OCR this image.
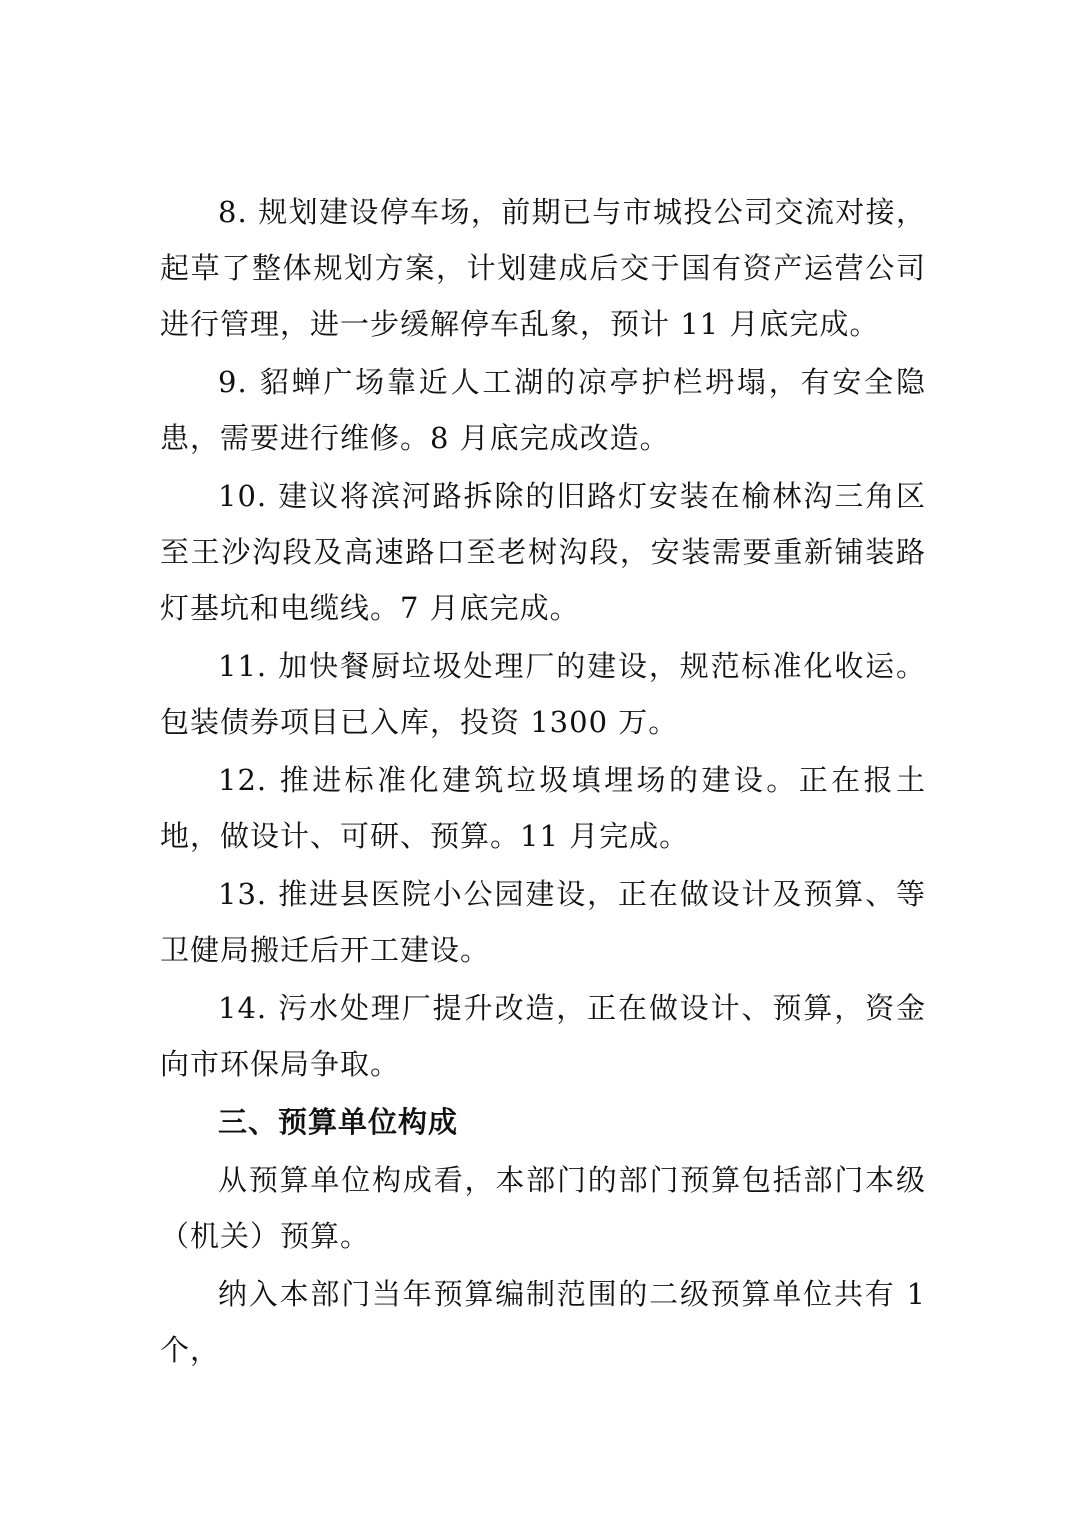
8. 规划建设停车场，前期已与市城投公司交流对接，起草了整体规划方案，计划建成后交于国有资产运营公司进行管理，进一步缓解停车乱象，预计 11 月底完成。

9. 貂蝉广场靠近人工湖的凉亭护栏坍塌，有安全隐患，需要进行维修。8 月底完成改造。

10. 建议将滨河路拆除的旧路灯安装在榆林沟三角区至王沙沟段及高速路口至老树沟段，安装需要重新铺装路灯基坑和电缆线。7 月底完成。

11. 加快餐厨垃圾处理厂的建设，规范标准化收运。包装债券项目已入库，投资 1300 万。

12. 推进标准化建筑垃圾填埋场的建设。正在报土地，做设计、可研、预算。11 月完成。

13. 推进县医院小公园建设，正在做设计及预算、等卫健局搬迁后开工建设。

14. 污水处理厂提升改造，正在做设计、预算，资金向市环保局争取。

三、预算单位构成

从预算单位构成看，本部门的部门预算包括部门本级（机关）预算。

纳入本部门当年预算编制范围的二级预算单位共有 1 个，
